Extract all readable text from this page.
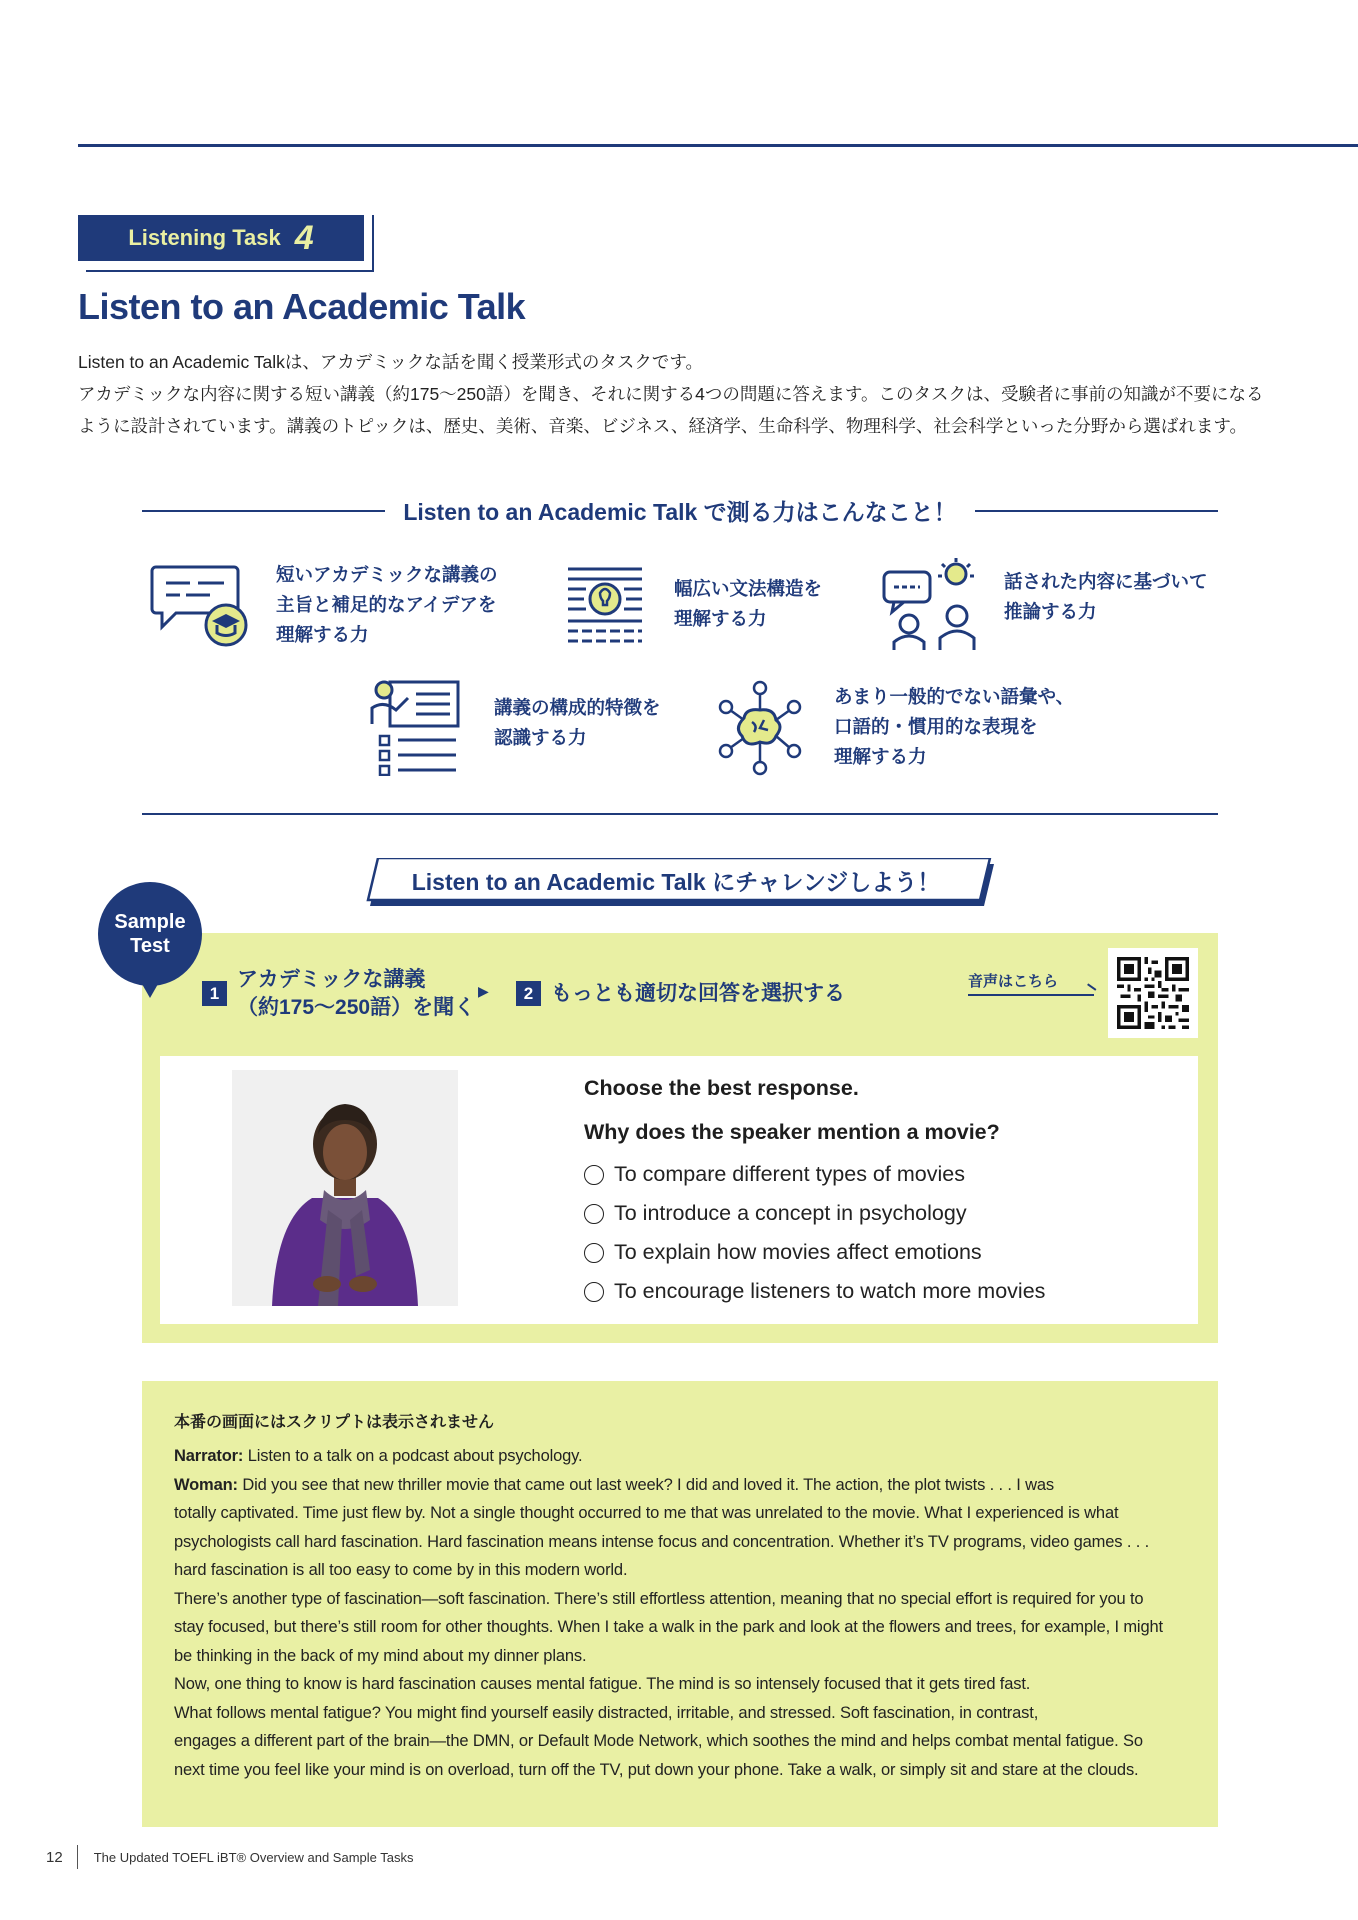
Listening Task 4
Listen to an Academic Talk

Listen to an Academic Talkは、アカデミックな話を聞く授業形式のタスクです。

アカデミックな内容に関する短い講義（約175〜250語）を聞き、それに関する4つの問題に答えます。このタスクは、受験者に事前の知識が不要になる

ように設計されています。講義のトピックは、歴史、美術、音楽、ビジネス、経済学、生命科学、物理科学、社会科学といった分野から選ばれます。

Listen to an Academic Talk で測る力はこんなこと！
短いアカデミックな講義の
主旨と補足的なアイデアを
理解する力
幅広い文法構造を
理解する力
話された内容に基づいて
推論する力
講義の構成的特徴を
認識する力
あまり一般的でない語彙や、
口語的・慣用的な表現を
理解する力
Listen to an Academic Talk にチャレンジしよう！
Sample
Test
1
アカデミックな講義
（約175〜250語）を聞く
▶	2 もっとも適切な回答を選択する
音声はこちら
Choose the best response.
Why does the speaker mention a movie?
To compare different types of movies
To introduce a concept in psychology
To explain how movies affect emotions
To encourage listeners to watch more movies
本番の画面にはスクリプトは表示されません
Narrator: Listen to a talk on a podcast about psychology.
Woman: Did you see that new thriller movie that came out last week? I did and loved it. The action, the plot twists . . . I was
totally captivated. Time just flew by. Not a single thought occurred to me that was unrelated to the movie. What I experienced is what
psychologists call hard fascination. Hard fascination means intense focus and concentration. Whether it’s TV programs, video games . . .
hard fascination is all too easy to come by in this modern world.
There’s another type of fascination—soft fascination. There’s still effortless attention, meaning that no special effort is required for you to
stay focused, but there’s still room for other thoughts. When I take a walk in the park and look at the flowers and trees, for example, I might
be thinking in the back of my mind about my dinner plans.
Now, one thing to know is hard fascination causes mental fatigue. The mind is so intensely focused that it gets tired fast.
What follows mental fatigue? You might find yourself easily distracted, irritable, and stressed. Soft fascination, in contrast,
engages a different part of the brain—the DMN, or Default Mode Network, which soothes the mind and helps combat mental fatigue. So
next time you feel like your mind is on overload, turn off the TV, put down your phone. Take a walk, or simply sit and stare at the clouds.
12 The Updated TOEFL iBT® Overview and Sample Tasks
